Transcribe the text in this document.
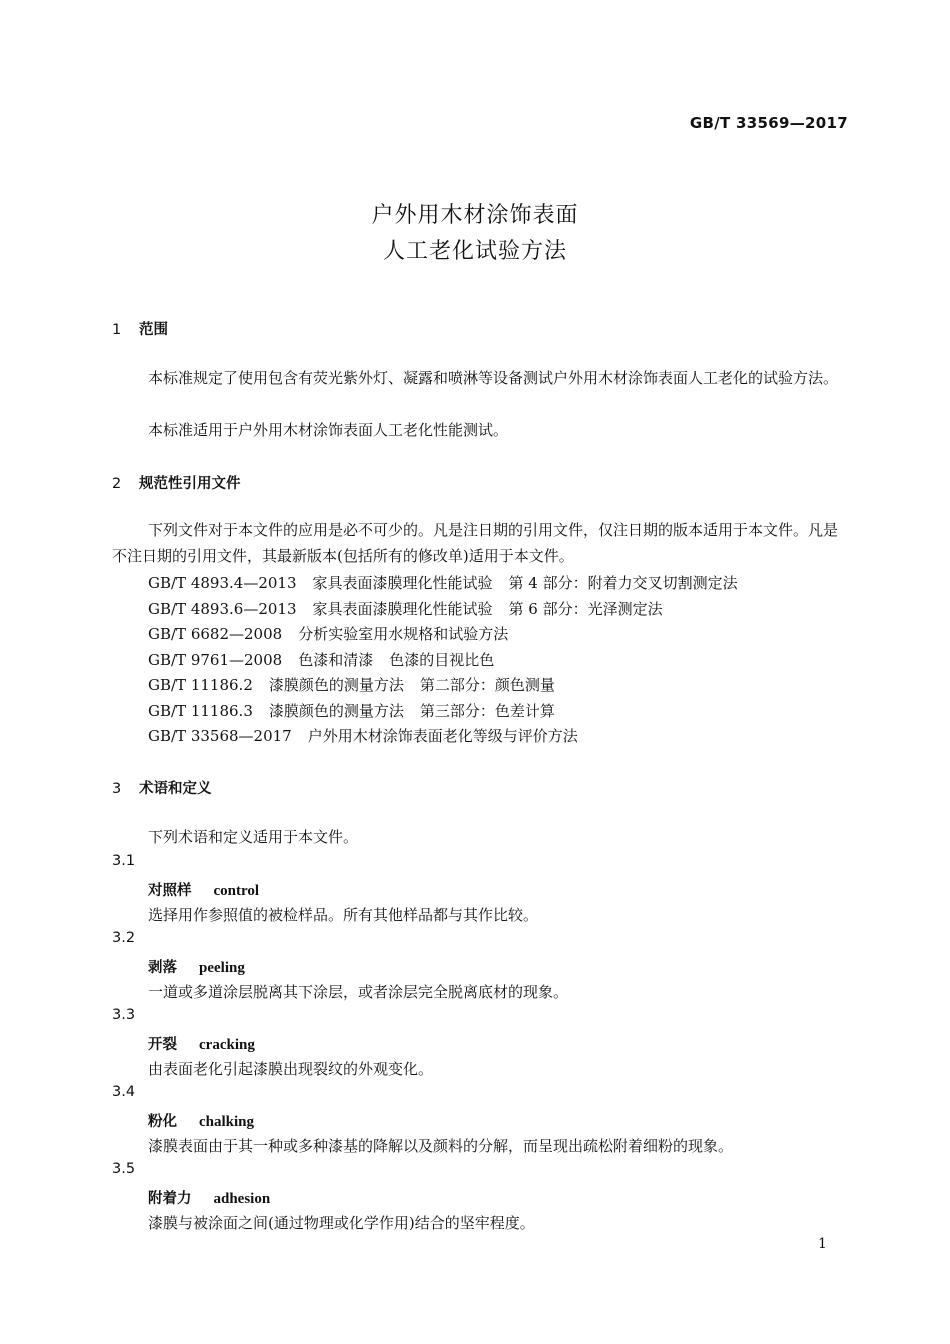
GB/T 33569—2017
户外用木材涂饰表面
人工老化试验方法
1 范围
本标准规定了使用包含有荧光紫外灯、凝露和喷淋等设备测试户外用木材涂饰表面人工老化的试验方法。
本标准适用于户外用木材涂饰表面人工老化性能测试。
2 规范性引用文件
下列文件对于本文件的应用是必不可少的。凡是注日期的引用文件，仅注日期的版本适用于本文件。凡是不注日期的引用文件，其最新版本(包括所有的修改单)适用于本文件。
GB/T 4893.4—2013 家具表面漆膜理化性能试验 第 4 部分：附着力交叉切割测定法
GB/T 4893.6—2013 家具表面漆膜理化性能试验 第 6 部分：光泽测定法
GB/T 6682—2008 分析实验室用水规格和试验方法
GB/T 9761—2008 色漆和清漆 色漆的目视比色
GB/T 11186.2 漆膜颜色的测量方法 第二部分：颜色测量
GB/T 11186.3 漆膜颜色的测量方法 第三部分：色差计算
GB/T 33568—2017 户外用木材涂饰表面老化等级与评价方法
3 术语和定义
下列术语和定义适用于本文件。
3.1
对照样 control
选择用作参照值的被检样品。所有其他样品都与其作比较。
3.2
剥落 peeling
一道或多道涂层脱离其下涂层，或者涂层完全脱离底材的现象。
3.3
开裂 cracking
由表面老化引起漆膜出现裂纹的外观变化。
3.4
粉化 chalking
漆膜表面由于其一种或多种漆基的降解以及颜料的分解，而呈现出疏松附着细粉的现象。
3.5
附着力 adhesion
漆膜与被涂面之间(通过物理或化学作用)结合的坚牢程度。
1
